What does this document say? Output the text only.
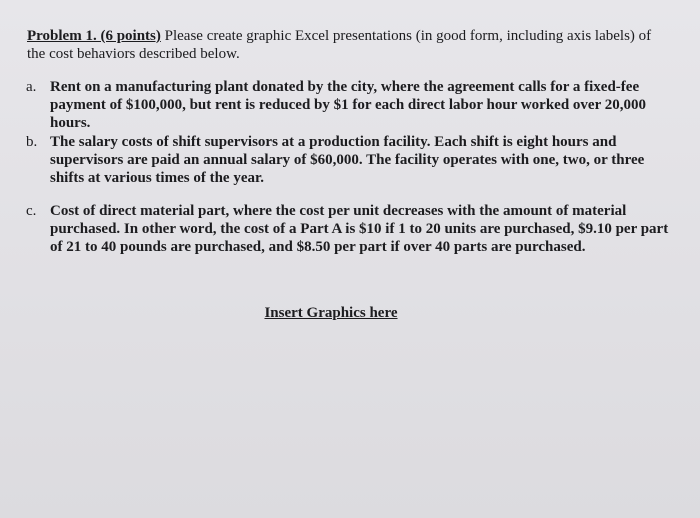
Problem 1. (6 points) Please create graphic Excel presentations (in good form, including axis labels) of the cost behaviors described below.
a. Rent on a manufacturing plant donated by the city, where the agreement calls for a fixed-fee payment of $100,000, but rent is reduced by $1 for each direct labor hour worked over 20,000 hours.
b. The salary costs of shift supervisors at a production facility. Each shift is eight hours and supervisors are paid an annual salary of $60,000. The facility operates with one, two, or three shifts at various times of the year.
c. Cost of direct material part, where the cost per unit decreases with the amount of material purchased. In other word, the cost of a Part A is $10 if 1 to 20 units are purchased, $9.10 per part of 21 to 40 pounds are purchased, and $8.50 per part if over 40 parts are purchased.
Insert Graphics here
